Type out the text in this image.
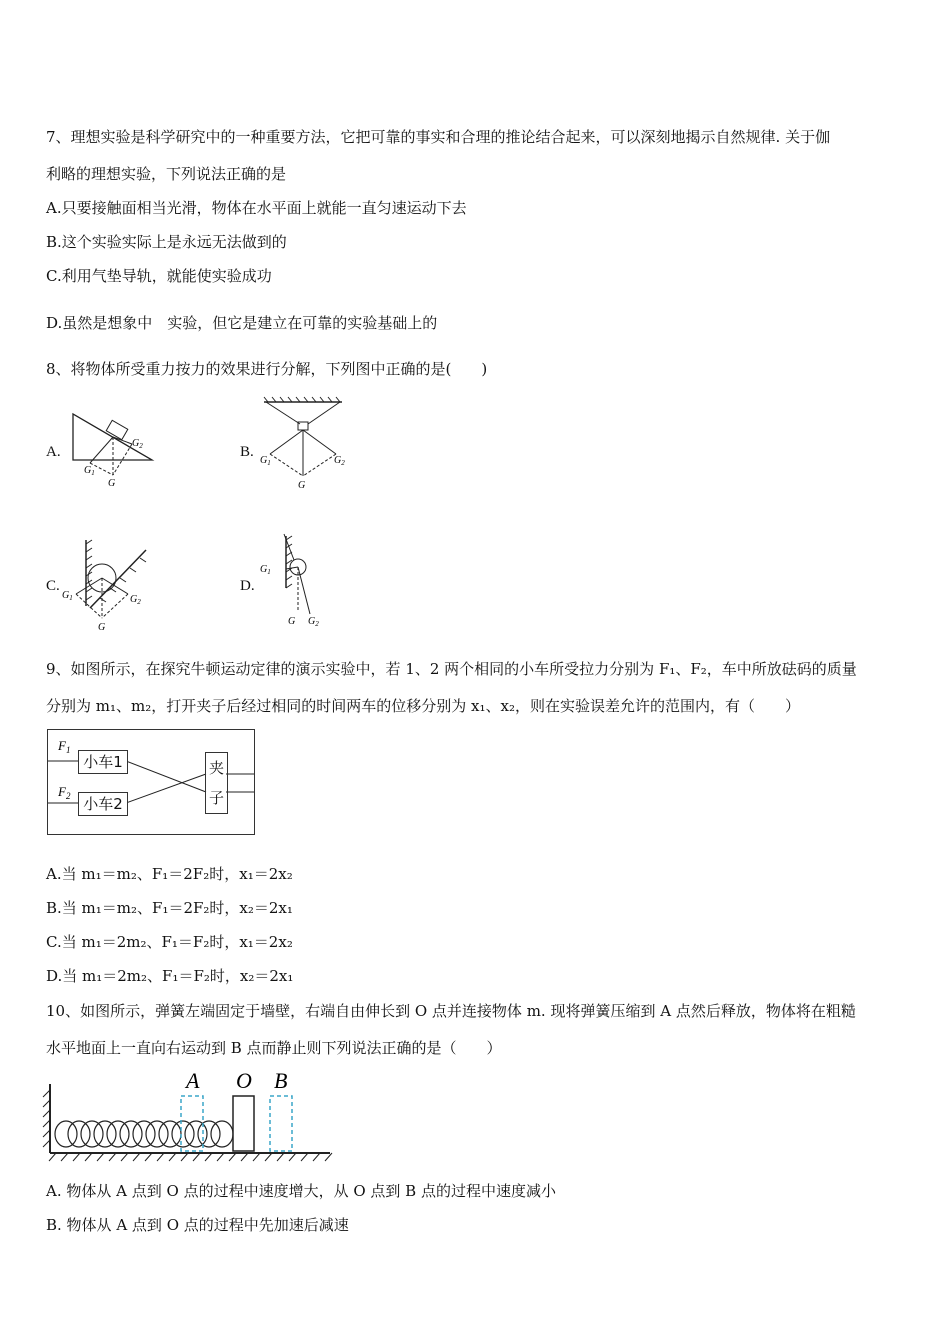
7、理想实验是科学研究中的一种重要方法，它把可靠的事实和合理的推论结合起来，可以深刻地揭示自然规律. 关于伽
利略的理想实验，下列说法正确的是
A.只要接触面相当光滑，物体在水平面上就能一直匀速运动下去
B.这个实验实际上是永远无法做到的
C.利用气垫导轨，就能使实验成功
D.虽然是想象中　实验，但它是建立在可靠的实验基础上的
8、将物体所受重力按力的效果进行分解，下列图中正确的是(　　)
A.
$G_1$
$G_2$
G
B.
$G_1$	$G_2$
G
C.
$G_1$	$G_2$
G
D.
$G_1$
G $G_2$
9、如图所示，在探究牛顿运动定律的演示实验中，若 1、2 两个相同的小车所受拉力分别为 F₁、F₂，车中所放砝码的质量
分别为 m₁、m₂，打开夹子后经过相同的时间两车的位移分别为 x₁、x₂，则在实验误差允许的范围内，有（　　）
$F_1$
$F_2$
小车1
小车2
夹
子
A.当 m₁＝m₂、F₁＝2F₂时，x₁＝2x₂
B.当 m₁＝m₂、F₁＝2F₂时，x₂＝2x₁
C.当 m₁＝2m₂、F₁＝F₂时，x₁＝2x₂
D.当 m₁＝2m₂、F₁＝F₂时，x₂＝2x₁
10、如图所示，弹簧左端固定于墙壁，右端自由伸长到 O 点并连接物体 m. 现将弹簧压缩到 A 点然后释放，物体将在粗糙
水平地面上一直向右运动到 B 点而静止则下列说法正确的是（　　）
A O B
A. 物体从 A 点到 O 点的过程中速度增大，从 O 点到 B 点的过程中速度减小
B. 物体从 A 点到 O 点的过程中先加速后减速
